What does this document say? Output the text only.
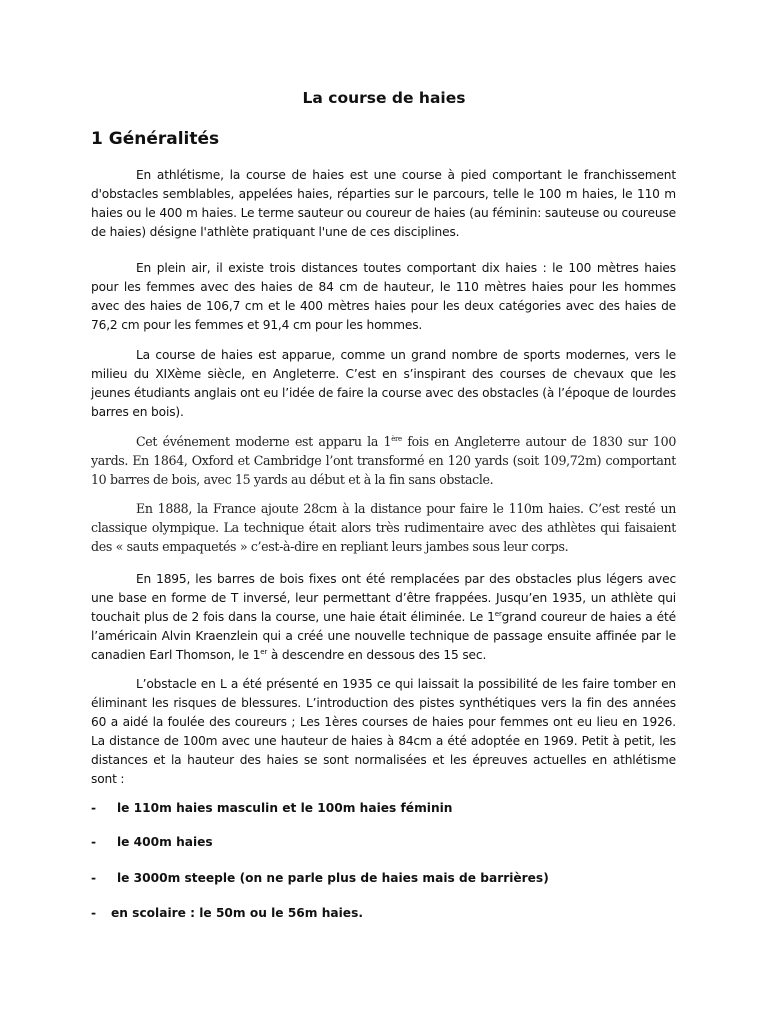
La course de haies
1 Généralités

En athlétisme, la course de haies est une course à pied comportant le franchissement d'obstacles semblables, appelées haies, réparties sur le parcours, telle le 100 m haies, le 110 m haies ou le 400 m haies. Le terme sauteur ou coureur de haies (au féminin: sauteuse ou coureuse de haies) désigne l'athlète pratiquant l'une de ces disciplines.

En plein air, il existe trois distances toutes comportant dix haies : le 100 mètres haies pour les femmes avec des haies de 84 cm de hauteur, le 110 mètres haies pour les hommes avec des haies de 106,7 cm et le 400 mètres haies pour les deux catégories avec des haies de 76,2 cm pour les femmes et 91,4 cm pour les hommes.

La course de haies est apparue, comme un grand nombre de sports modernes, vers le milieu du XIXème siècle, en Angleterre. C’est en s’inspirant des courses de chevaux que les jeunes étudiants anglais ont eu l’idée de faire la course avec des obstacles (à l’époque de lourdes barres en bois).

Cet événement moderne est apparu la 1ère fois en Angleterre autour de 1830 sur 100 yards. En 1864, Oxford et Cambridge l’ont transformé en 120 yards (soit 109,72m) comportant 10 barres de bois, avec 15 yards au début et à la fin sans obstacle.

En 1888, la France ajoute 28cm à la distance pour faire le 110m haies. C’est resté un classique olympique. La technique était alors très rudimentaire avec des athlètes qui faisaient des « sauts empaquetés » c’est-à-dire en repliant leurs jambes sous leur corps.

En 1895, les barres de bois fixes ont été remplacées par des obstacles plus légers avec une base en forme de T inversé, leur permettant d’être frappées. Jusqu’en 1935, un athlète qui touchait plus de 2 fois dans la course, une haie était éliminée. Le 1ergrand coureur de haies a été l’américain Alvin Kraenzlein qui a créé une nouvelle technique de passage ensuite affinée par le canadien Earl Thomson, le 1er à descendre en dessous des 15 sec.

L’obstacle en L a été présenté en 1935 ce qui laissait la possibilité de les faire tomber en éliminant les risques de blessures. L’introduction des pistes synthétiques vers la fin des années 60 a aidé la foulée des coureurs ; Les 1ères courses de haies pour femmes ont eu lieu en 1926. La distance de 100m avec une hauteur de haies à 84cm a été adoptée en 1969. Petit à petit, les distances et la hauteur des haies se sont normalisées et les épreuves actuelles en athlétisme sont :

- le 110m haies masculin et le 100m haies féminin
- le 400m haies
- le 3000m steeple (on ne parle plus de haies mais de barrières)
- en scolaire : le 50m ou le 56m haies.
